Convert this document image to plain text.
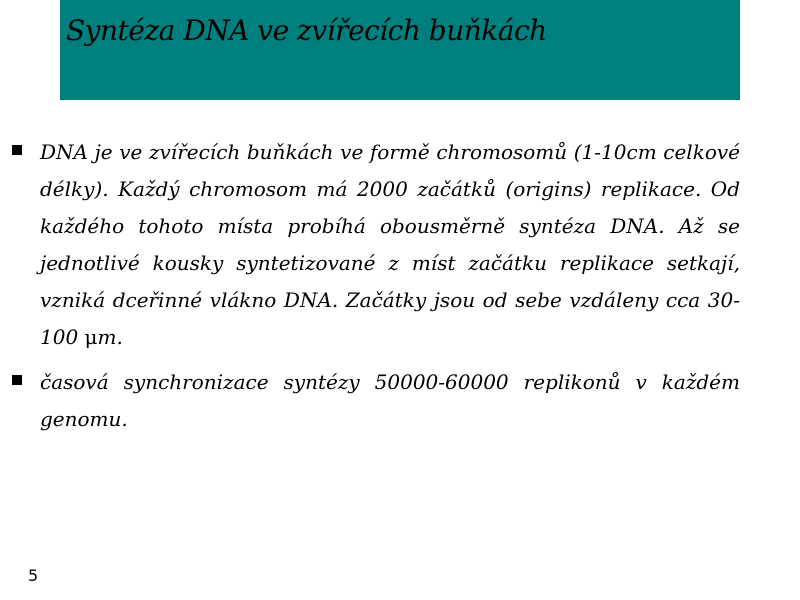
Syntéza DNA ve zvířecích buňkách
DNA je ve zvířecích buňkách ve formě chromosomů (1-10cm celkové délky). Každý chromosom má 2000 začátků (origins) replikace. Od každého tohoto místa probíhá obousměrně syntéza DNA. Až se jednotlivé kousky syntetizované z míst začátku replikace setkají, vzniká dceřinné vlákno DNA. Začátky jsou od sebe vzdáleny cca 30-100 μm.
časová synchronizace syntézy 50000-60000 replikonů v každém genomu.
5
